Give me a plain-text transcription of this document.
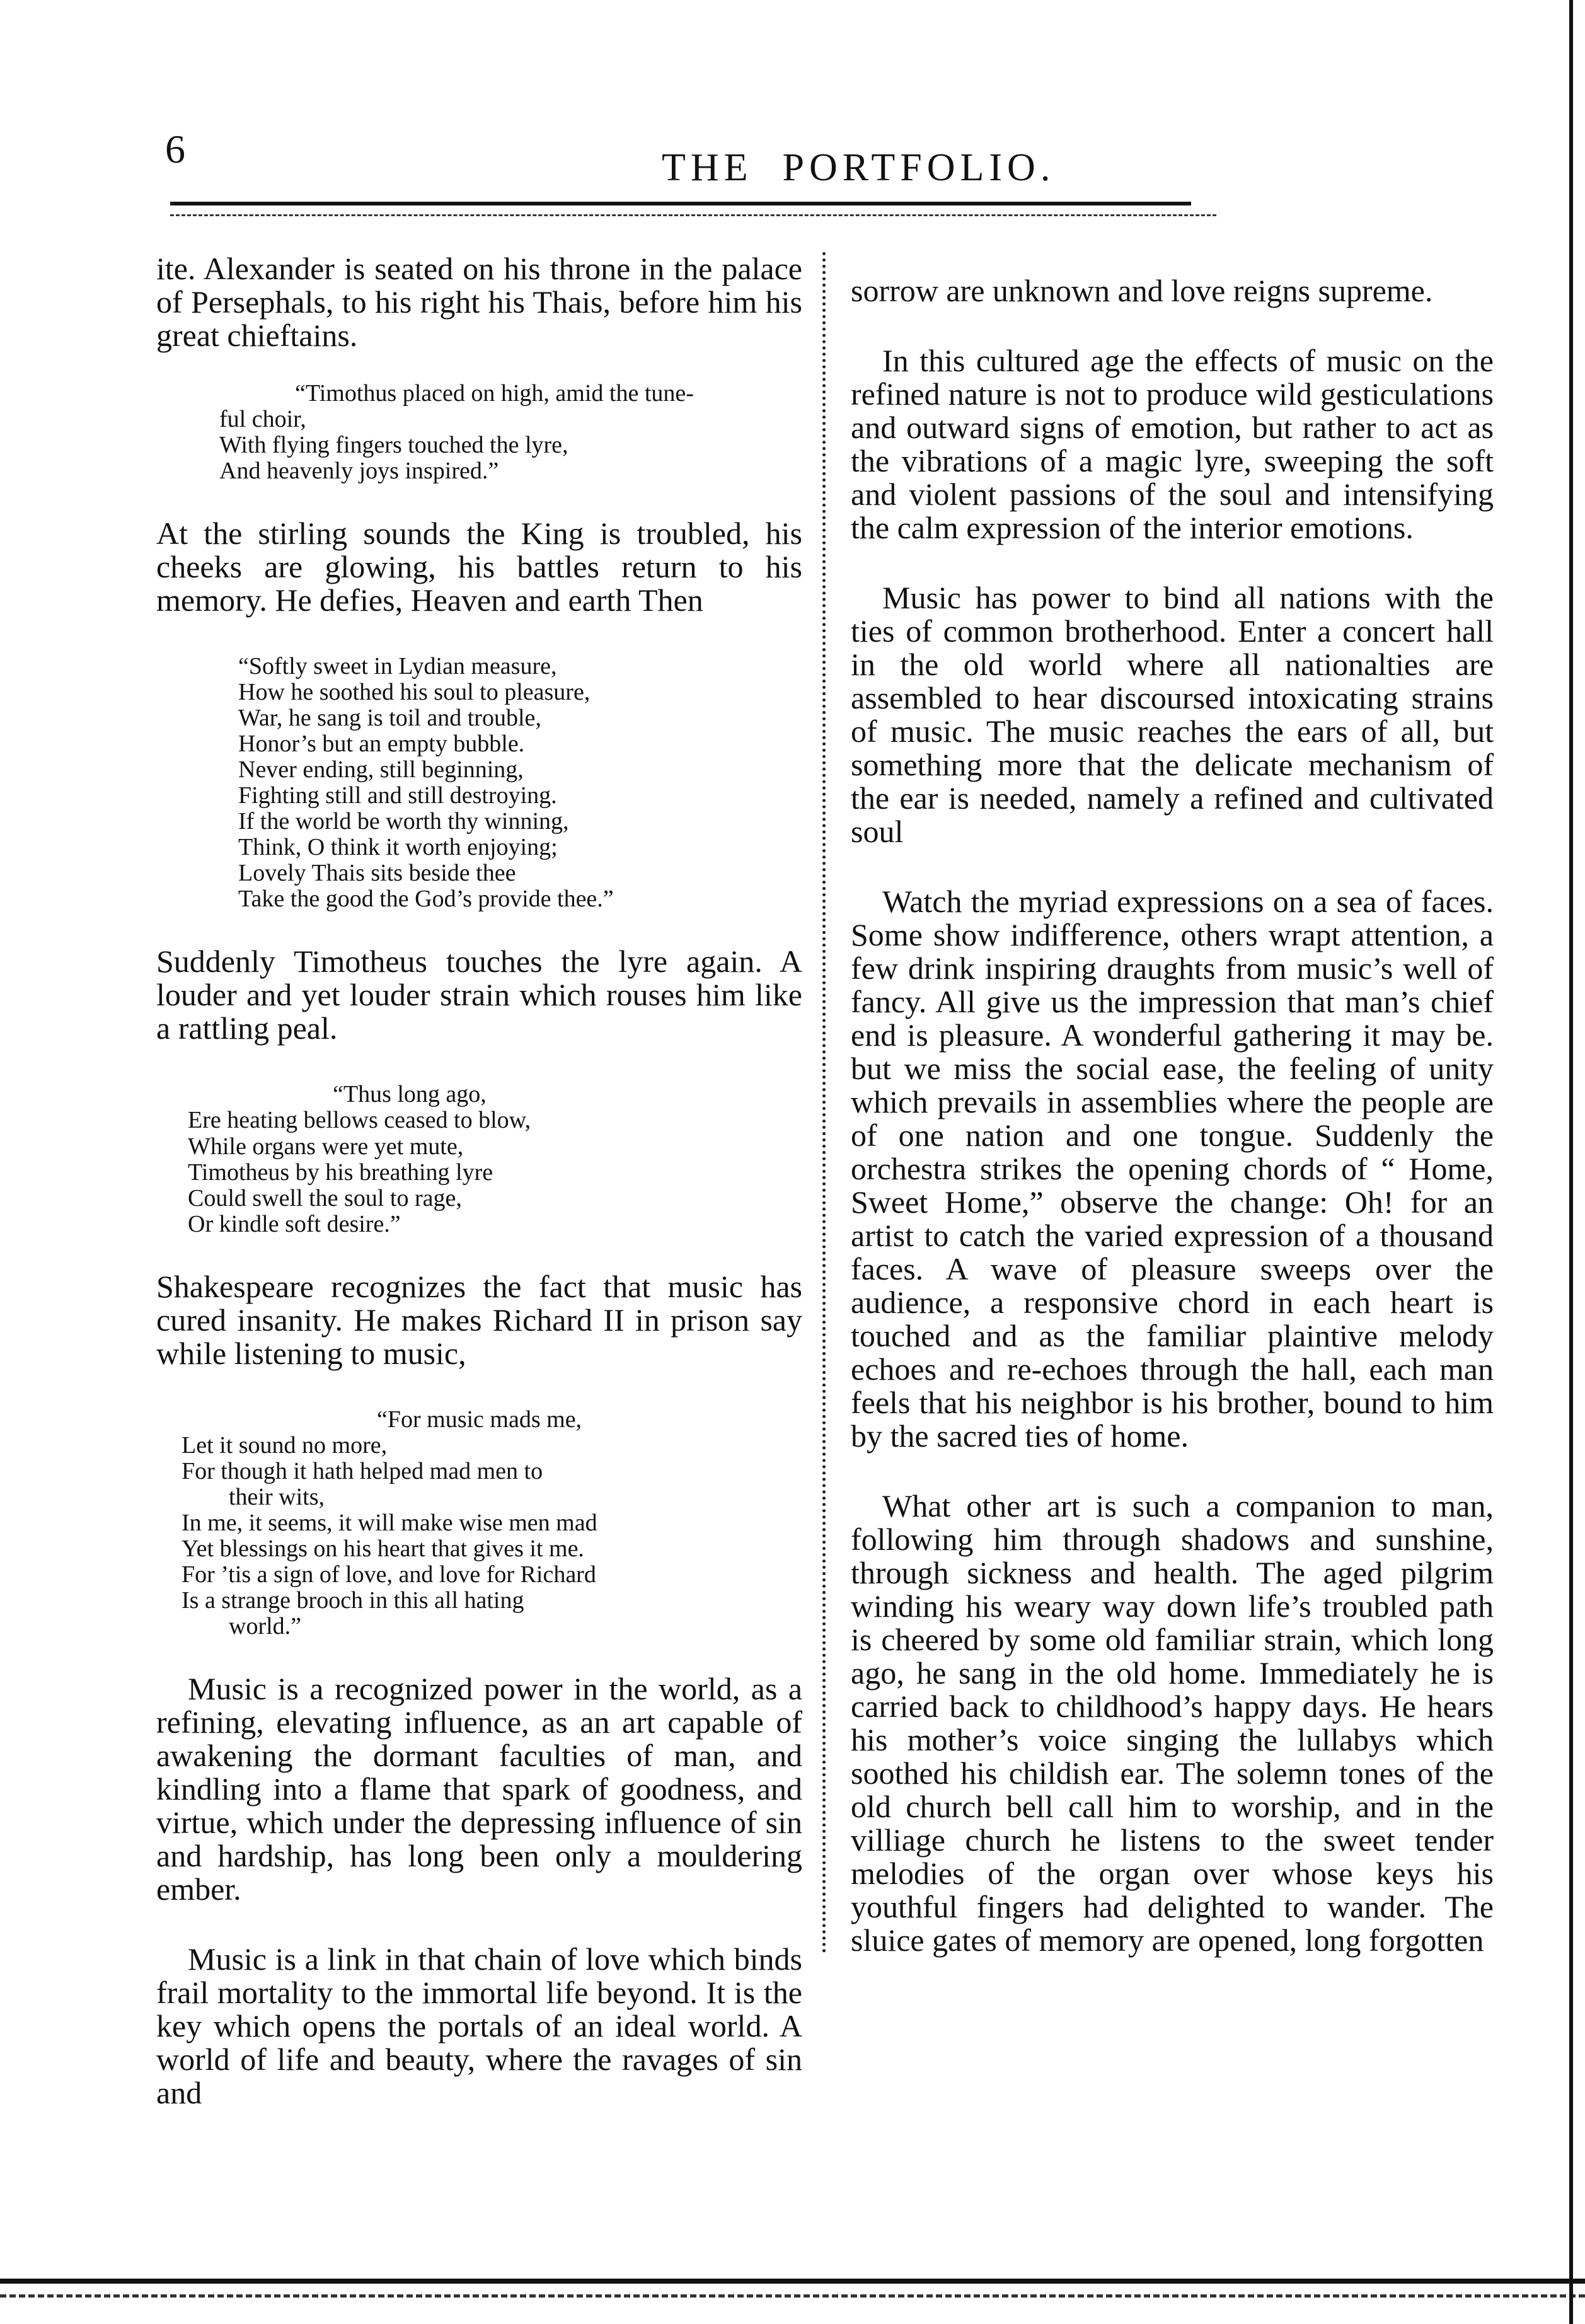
6	THE  PORTFOLIO.

ite. Alexander is seated on his throne in the palace of Persephals, to his right his Thais, before him his great chieftains.

“Timothus placed on high, amid the tune-
ful choir,
With flying fingers touched the lyre,
And heavenly joys inspired.”

At the stirling sounds the King is troubled, his cheeks are glowing, his battles return to his memory. He defies, Heaven and earth Then

“Softly sweet in Lydian measure,
How he soothed his soul to pleasure,
War, he sang is toil and trouble,
Honor’s but an empty bubble.
Never ending, still beginning,
Fighting still and still destroying.
If the world be worth thy winning,
Think, O think it worth enjoying;
Lovely Thais sits beside thee
Take the good the God’s provide thee.”

Suddenly Timotheus touches the lyre again. A louder and yet louder strain which rouses him like a rattling peal.

“Thus long ago,
Ere heating bellows ceased to blow,
While organs were yet mute,
Timotheus by his breathing lyre
Could swell the soul to rage,
Or kindle soft desire.”

Shakespeare recognizes the fact that music has cured insanity. He makes Richard II in prison say while listening to music,

“For music mads me,
Let it sound no more,
For though it hath helped mad men to
their wits,
In me, it seems, it will make wise men mad
Yet blessings on his heart that gives it me.
For ’tis a sign of love, and love for Richard
Is a strange brooch in this all hating
world.”

Music is a recognized power in the world, as a refining, elevating influence, as an art capable of awakening the dormant faculties of man, and kindling into a flame that spark of goodness, and virtue, which under the depressing influence of sin and hardship, has long been only a mouldering ember.

Music is a link in that chain of love which binds frail mortality to the immortal life beyond. It is the key which opens the portals of an ideal world. A world of life and beauty, where the ravages of sin and

sorrow are unknown and love reigns supreme.

In this cultured age the effects of music on the refined nature is not to produce wild gesticulations and outward signs of emotion, but rather to act as the vibrations of a magic lyre, sweeping the soft and violent passions of the soul and intensifying the calm expression of the interior emotions.

Music has power to bind all nations with the ties of common brotherhood. Enter a concert hall in the old world where all nationalties are assembled to hear discoursed intoxicating strains of music. The music reaches the ears of all, but something more that the delicate mechanism of the ear is needed, namely a refined and cultivated soul

Watch the myriad expressions on a sea of faces. Some show indifference, others wrapt attention, a few drink inspiring draughts from music’s well of fancy. All give us the impression that man’s chief end is pleasure. A wonderful gathering it may be. but we miss the social ease, the feeling of unity which prevails in assemblies where the people are of one nation and one tongue. Suddenly the orchestra strikes the opening chords of “ Home, Sweet Home,” observe the change: Oh! for an artist to catch the varied expression of a thousand faces. A wave of pleasure sweeps over the audience, a responsive chord in each heart is touched and as the familiar plaintive melody echoes and re-echoes through the hall, each man feels that his neighbor is his brother, bound to him by the sacred ties of home.

What other art is such a companion to man, following him through shadows and sunshine, through sickness and health. The aged pilgrim winding his weary way down life’s troubled path is cheered by some old familiar strain, which long ago, he sang in the old home. Immediately he is carried back to childhood’s happy days. He hears his mother’s voice singing the lullabys which soothed his childish ear. The solemn tones of the old church bell call him to worship, and in the villiage church he listens to the sweet tender melodies of the organ over whose keys his youthful fingers had delighted to wander. The sluice gates of memory are opened, long forgotten
